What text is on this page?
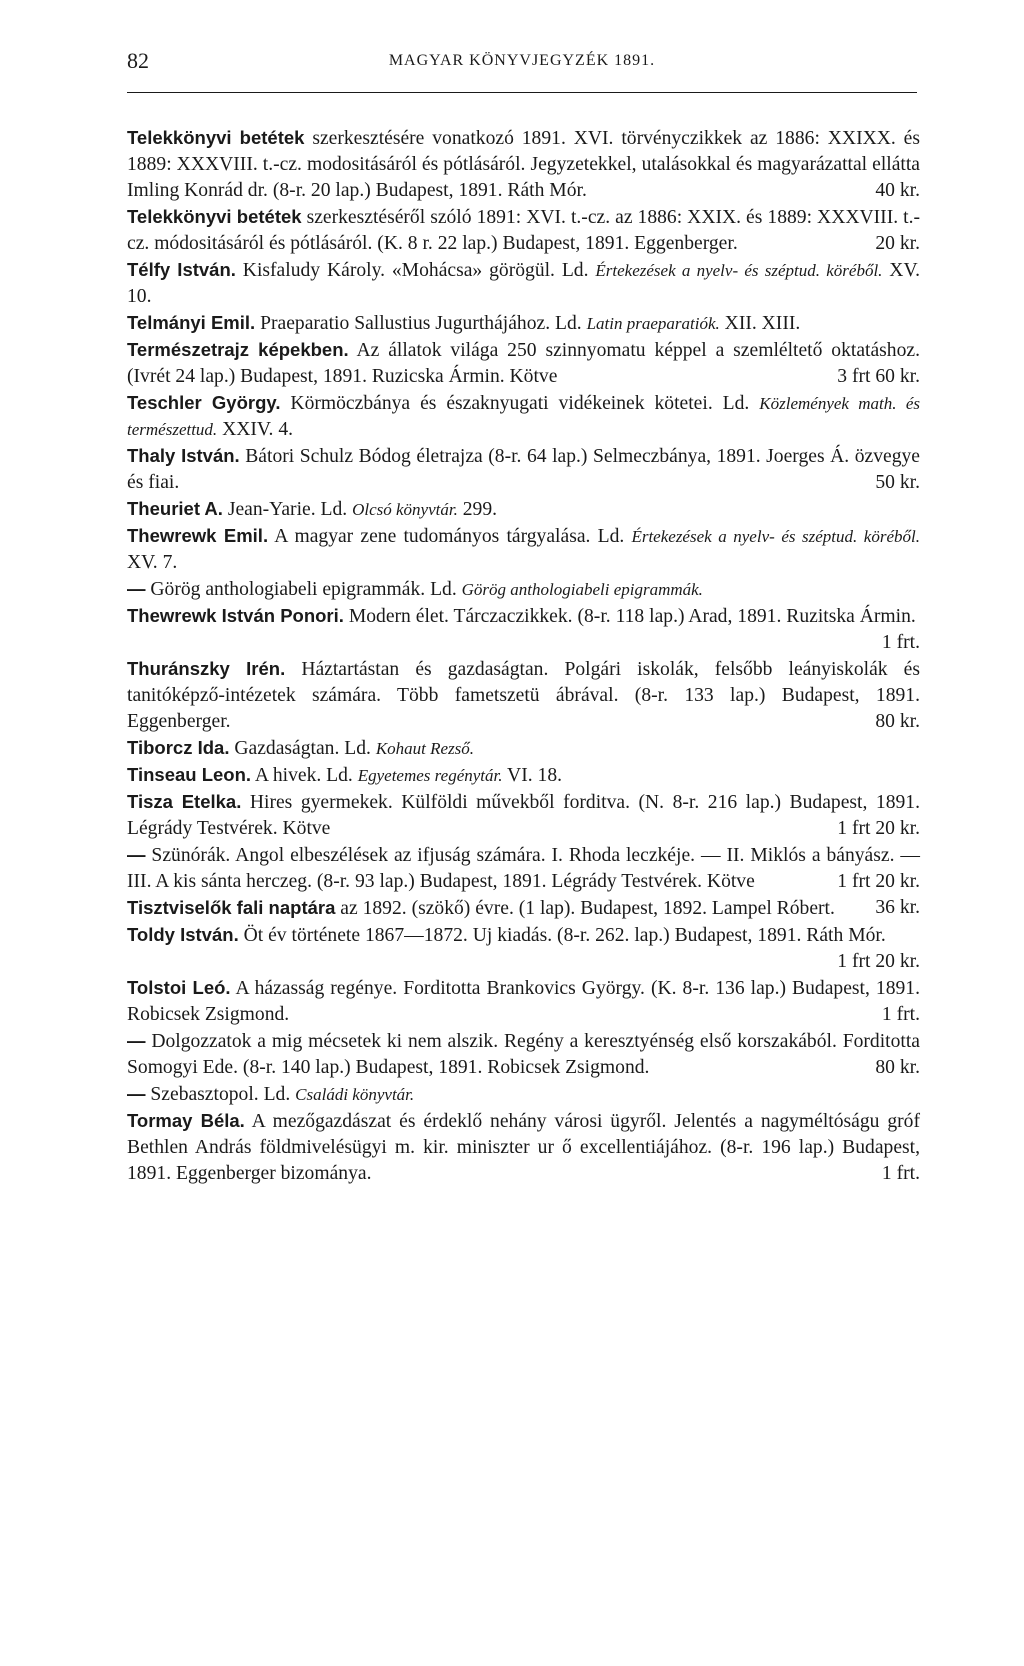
82	MAGYAR KÖNYVJEGYZÉK 1891.
Telekkönyvi betétek szerkesztésére vonatkozó 1891. XVI. törvényczikkek az 1886: XXIXX. és 1889: XXXVIII. t.-cz. modositásáról és pótlásáról. Jegyzetekkel, utalásokkal és magyarázattal ellátta Imling Konrád dr. (8-r. 20 lap.) Budapest, 1891. Ráth Mór.	40 kr.
Telekkönyvi betétek szerkesztéséről szóló 1891: XVI. t.-cz. az 1886: XXIX. és 1889: XXXVIII. t.-cz. módositásáról és pótlásáról. (K. 8 r. 22 lap.) Budapest, 1891. Eggenberger.	20 kr.
Télfy István. Kisfaludy Károly. «Mohácsa» görögül. Ld. Értekezések a nyelv- és széptud. köréből. XV. 10.
Telmányi Emil. Praeparatio Sallustius Jugurthájához. Ld. Latin praeparatiók. XII. XIII.
Természetrajz képekben. Az állatok világa 250 szinnyomatu képpel a szemléltető oktatáshoz. (Ivrét 24 lap.) Budapest, 1891. Ruzicska Ármin. Kötve	3 frt 60 kr.
Teschler György. Körmöczbánya és északnyugati vidékeinek kötetei. Ld. Közlemények math. és természettud. XXIV. 4.
Thaly István. Bátori Schulz Bódog életrajza (8-r. 64 lap.) Selmeczbánya, 1891. Joerges Á. özvegye és fiai.	50 kr.
Theuriet A. Jean-Yarie. Ld. Olcsó könyvtár. 299.
Thewrewk Emil. A magyar zene tudományos tárgyalása. Ld. Értekezések a nyelv- és széptud. köréből. XV. 7.
— Görög anthologiabeli epigrammák. Ld. Görög anthologiabeli epigrammák.
Thewrewk István Ponori. Modern élet. Tárczaczikkek. (8-r. 118 lap.) Arad, 1891. Ruzitska Ármin.
1 frt.
Thuránszky Irén. Háztartástan és gazdaságtan. Polgári iskolák, felsőbb leányiskolák és tanitóképző-intézetek számára. Több fametszetü ábrával. (8-r. 133 lap.) Budapest, 1891. Eggenberger.	80 kr.
Tiborcz Ida. Gazdaságtan. Ld. Kohaut Rezső.
Tinseau Leon. A hivek. Ld. Egyetemes regénytár. VI. 18.
Tisza Etelka. Hires gyermekek. Külföldi művekből forditva. (N. 8-r. 216 lap.) Budapest, 1891. Légrády Testvérek. Kötve	1 frt 20 kr.
— Szünórák. Angol elbeszélések az ifjuság számára. I. Rhoda leczkéje. — II. Miklós a bányász. — III. A kis sánta herczeg. (8-r. 93 lap.) Budapest, 1891. Légrády Testvérek. Kötve	1 frt 20 kr.
Tisztviselők fali naptára az 1892. (szökő) évre. (1 lap). Budapest, 1892. Lampel Róbert. 36 kr.
Toldy István. Öt év története 1867—1872. Uj kiadás. (8-r. 262. lap.) Budapest, 1891. Ráth Mór.
1 frt 20 kr.
Tolstoi Leó. A házasság regénye. Forditotta Brankovics György. (K. 8-r. 136 lap.) Budapest, 1891. Robicsek Zsigmond.	1 frt.
— Dolgozzatok a mig mécsetek ki nem alszik. Regény a keresztyénség első korszakából. Forditotta Somogyi Ede. (8-r. 140 lap.) Budapest, 1891. Robicsek Zsigmond.	80 kr.
— Szebasztopol. Ld. Családi könyvtár.
Tormay Béla. A mezőgazdászat és érdeklő nehány városi ügyről. Jelentés a nagyméltóságu gróf Bethlen András földmivelésügyi m. kir. miniszter ur ő excellentiájához. (8-r. 196 lap.) Budapest, 1891. Eggenberger bizománya.	1 frt.
